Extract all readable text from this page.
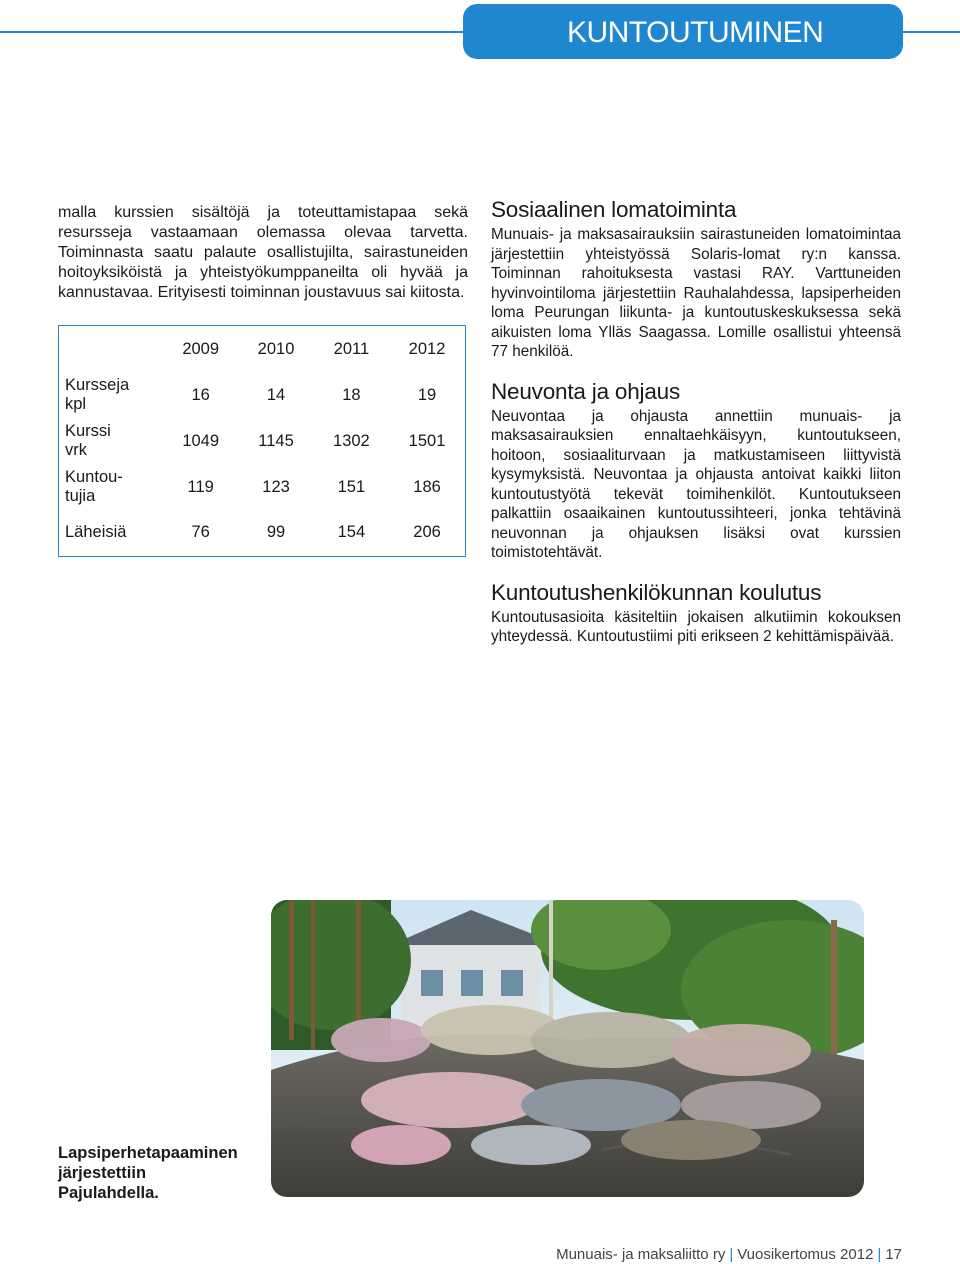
KUNTOUTUMINEN

malla kurssien sisältöjä ja toteuttamistapaa sekä resursseja vastaamaan olemassa olevaa tarvetta. Toiminnasta saatu palaute osallistujilta, sairastuneiden hoitoyksiköistä ja yhteistyökumppaneilta oli hyvää ja kannustavaa. Erityisesti toiminnan joustavuus sai kiitosta.

	2009	2010	2011	2012
Kursseja
kpl	16	14	18	19
Kurssi
vrk	1049	1145	1302	1501
Kuntou-
tujia	119	123	151	186
Läheisiä	76	99	154	206
Sosiaalinen lomatoiminta

Munuais- ja maksasairauksiin sairastuneiden lomatoimintaa järjestettiin yhteistyössä Solaris-lomat ry:n kanssa. Toiminnan rahoituksesta vastasi RAY. Varttuneiden hyvinvointiloma järjestettiin Rauhalahdessa, lapsiperheiden loma Peurungan liikunta- ja kuntoutuskeskuksessa sekä aikuisten loma Ylläs Saagassa. Lomille osallistui yhteensä 77 henkilöä.

Neuvonta ja ohjaus

Neuvontaa ja ohjausta annettiin munuais- ja maksasairauksien ennaltaehkäisyyn, kuntoutukseen, hoitoon, sosiaaliturvaan ja matkustamiseen liittyvistä kysymyksistä. Neuvontaa ja ohjausta antoivat kaikki liiton kuntoutustyötä tekevät toimihenkilöt. Kuntoutukseen palkattiin osaaikainen kuntoutussihteeri, jonka tehtävinä neuvonnan ja ohjauksen lisäksi ovat kurssien toimistotehtävät.

Kuntoutushenkilökunnan koulutus

Kuntoutusasioita käsiteltiin jokaisen alkutiimin kokouksen yhteydessä. Kuntoutustiimi piti erikseen 2 kehittämispäivää.

Lapsiperhetapaaminen järjestettiin Pajulahdella.
Munuais- ja maksaliitto ry | Vuosikertomus 2012 | 17
